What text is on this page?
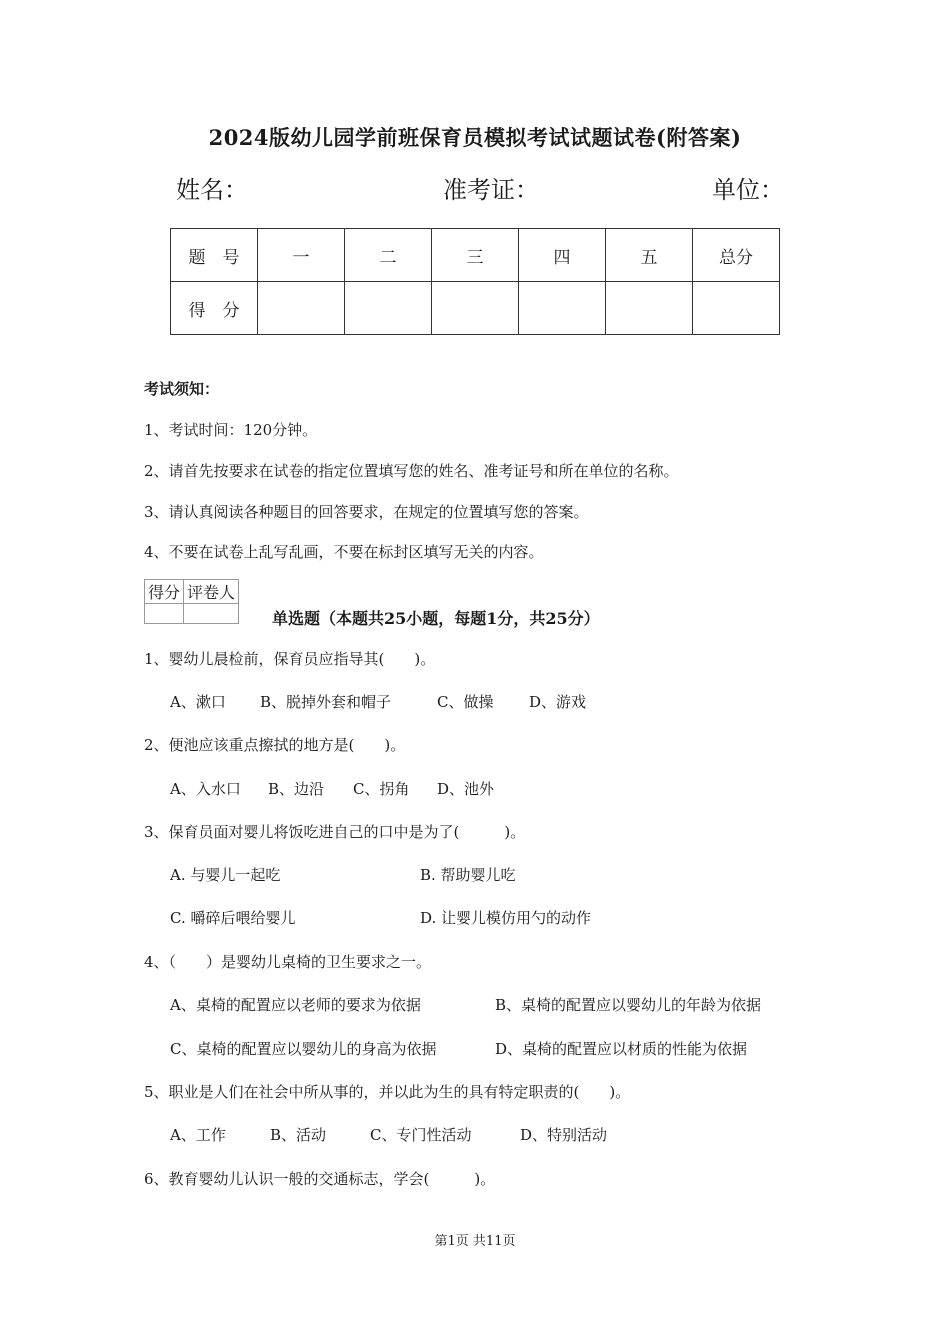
2024版幼儿园学前班保育员模拟考试试题试卷(附答案)
姓名：	准考证：	单位：
题　号	一	二	三	四	五	总分
得　分						
考试须知：
1、考试时间：120分钟。
2、请首先按要求在试卷的指定位置填写您的姓名、准考证号和所在单位的名称。
3、请认真阅读各种题目的回答要求，在规定的位置填写您的答案。
4、不要在试卷上乱写乱画，不要在标封区填写无关的内容。
得分	评卷人

单选题（本题共25小题，每题1分，共25分）
1、婴幼儿晨检前，保育员应指导其(　　)。
A、漱口 B、脱掉外套和帽子	C、做操 D、游戏
2、便池应该重点擦拭的地方是(　　)。
A、入水口 B、边沿 C、拐角 D、池外
3、保育员面对婴儿将饭吃进自己的口中是为了(　　　)。
A. 与婴儿一起吃	B. 帮助婴儿吃
C. 嚼碎后喂给婴儿	D. 让婴儿模仿用勺的动作
4、（　　）是婴幼儿桌椅的卫生要求之一。
A、桌椅的配置应以老师的要求为依据	B、桌椅的配置应以婴幼儿的年龄为依据
C、桌椅的配置应以婴幼儿的身高为依据	D、桌椅的配置应以材质的性能为依据
5、职业是人们在社会中所从事的，并以此为生的具有特定职责的(　　)。
A、工作	B、活动	C、专门性活动	D、特别活动
6、教育婴幼儿认识一般的交通标志，学会(　　　)。
第1页 共11页
